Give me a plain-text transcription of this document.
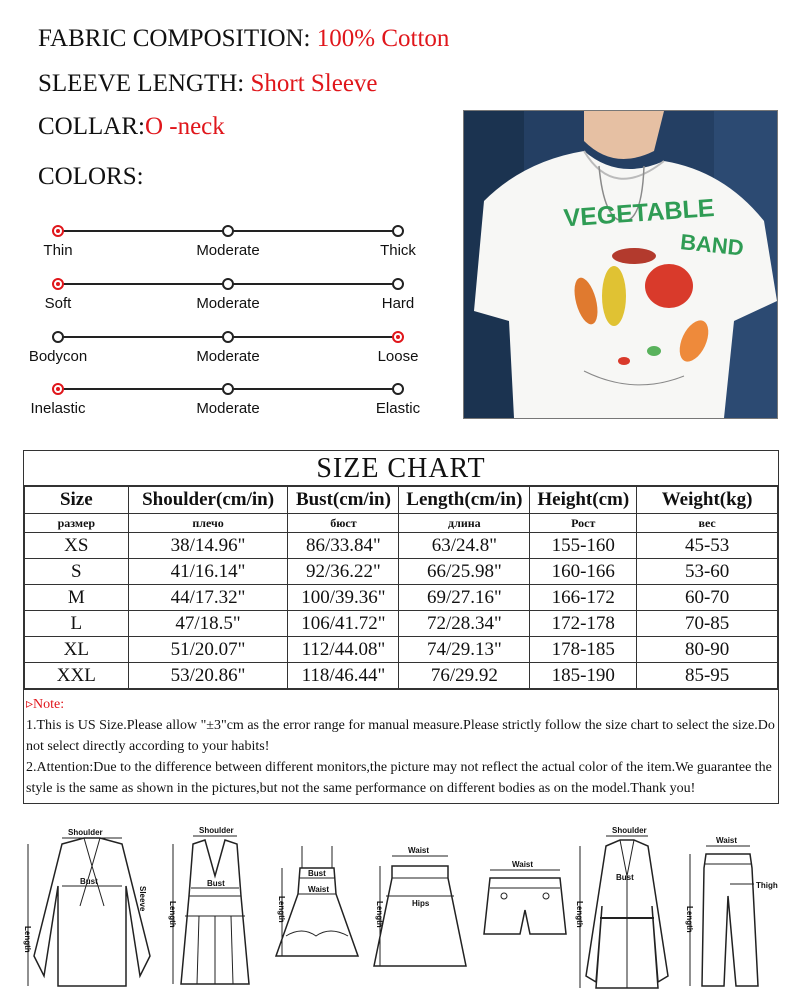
FABRIC COMPOSITION: 100% Cotton
SLEEVE LENGTH: Short Sleeve
COLLAR:O -neck
COLORS:
Thin	Moderate	Thick
Soft	Moderate	Hard
Bodycon	Moderate	Loose
Inelastic	Moderate	Elastic
VEGETABLE
BAND
SIZE CHART
Size	Shoulder(cm/in)	Bust(cm/in)	Length(cm/in)	Height(cm)	Weight(kg)
размер	плечо	бюст	длина	Рост	вес
XS	38/14.96"	86/33.84"	63/24.8"	155-160	45-53
S	41/16.14"	92/36.22"	66/25.98"	160-166	53-60
M	44/17.32"	100/39.36"	69/27.16"	166-172	60-70
L	47/18.5"	106/41.72"	72/28.34"	172-178	70-85
XL	51/20.07"	112/44.08"	74/29.13"	178-185	80-90
XXL	53/20.86"	118/46.44"	76/29.92	185-190	85-95
▹Note:
1.This is US Size.Please allow "±3"cm as the error range for manual measure.Please strictly follow the size chart to select the size.Do not select directly according to your habits!
2.Attention:Due to the difference between different monitors,the picture may not reflect the actual color of the item.We guarantee the style is the same as shown in the pictures,but not the same performance on different bodies as on the model.Thank you!
Shoulder
Bust
Length
Sleeve
Shoulder
Bust
Length
Bust
Waist
Length
Waist
Hips
Length
Waist
Shoulder
Bust
Length
Waist
Thigh
Length
